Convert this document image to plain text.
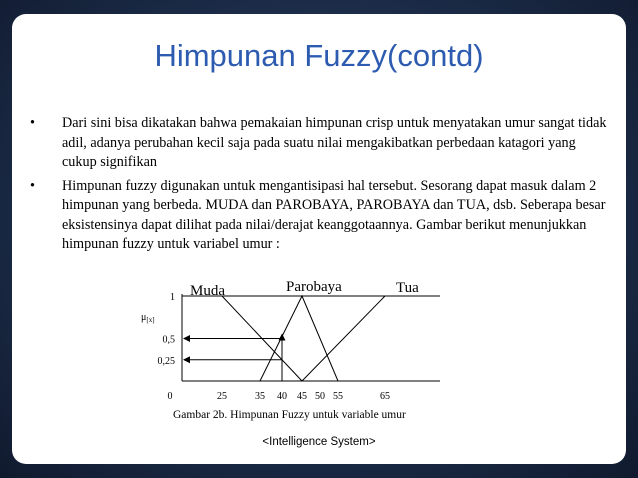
Himpunan Fuzzy(contd)
• Dari sini bisa dikatakan bahwa pemakaian himpunan crisp untuk menyatakan umur sangat tidak adil, adanya perubahan kecil saja pada suatu nilai mengakibatkan perbedaan katagori yang cukup signifikan
• Himpunan fuzzy digunakan untuk mengantisipasi hal tersebut. Sesorang dapat masuk dalam 2 himpunan yang berbeda. MUDA dan PAROBAYA, PAROBAYA dan TUA, dsb. Seberapa besar eksistensinya dapat dilihat pada nilai/derajat keanggotaannya. Gambar berikut menunjukkan himpunan fuzzy untuk variabel umur :
Muda	Parobaya	Tua
1
0,5
0,25
$\mu_{[x]}$
0	25	35 40 45 50 55	65
Gambar 2b. Himpunan Fuzzy untuk variable umur
<Intelligence System>
